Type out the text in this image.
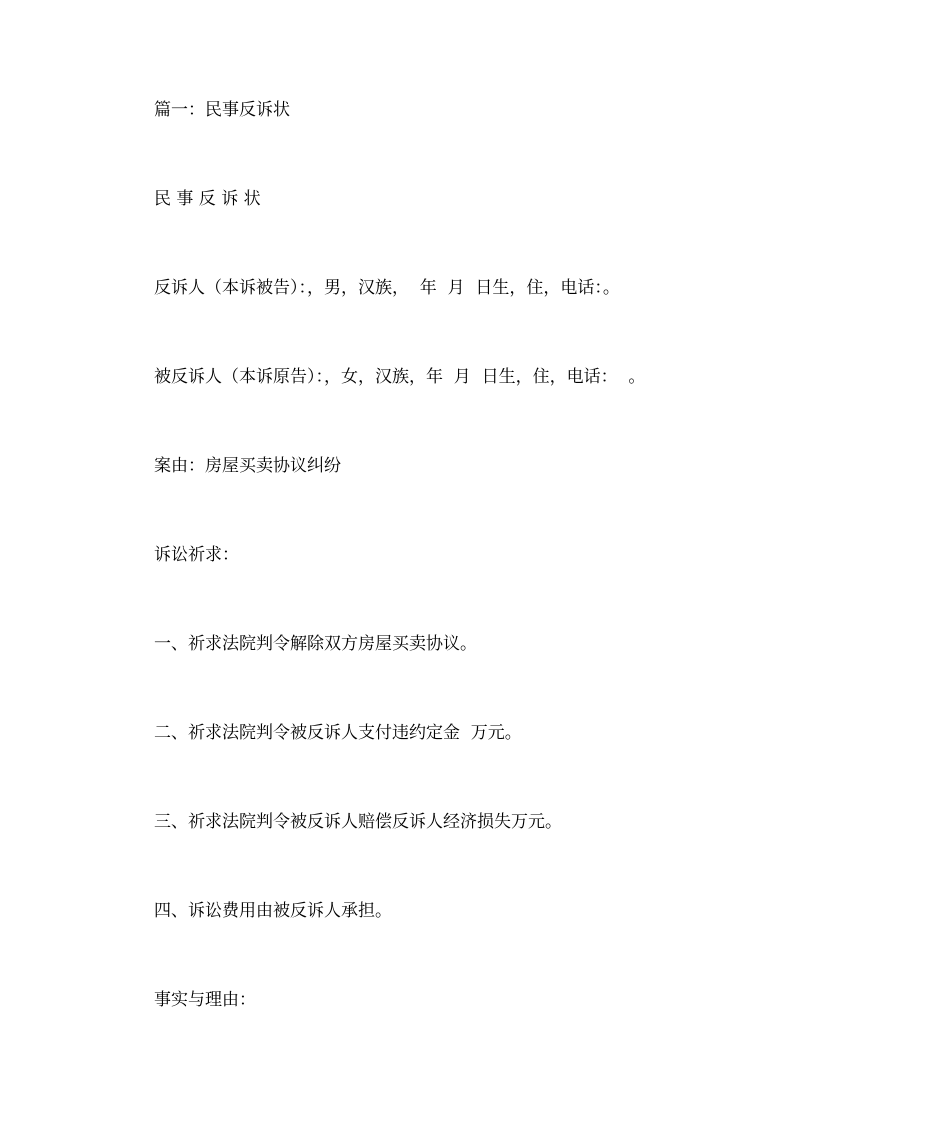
篇一：民事反诉状
民 事 反 诉 状
反诉人（本诉被告）：，男，汉族，  年  月  日生，住，电话：。
被反诉人（本诉原告）：，女，汉族，年  月  日生，住，电话：  。
案由：房屋买卖协议纠纷
诉讼祈求：
一、祈求法院判令解除双方房屋买卖协议。
二、祈求法院判令被反诉人支付违约定金  万元。
三、祈求法院判令被反诉人赔偿反诉人经济损失万元。
四、诉讼费用由被反诉人承担。
事实与理由：
